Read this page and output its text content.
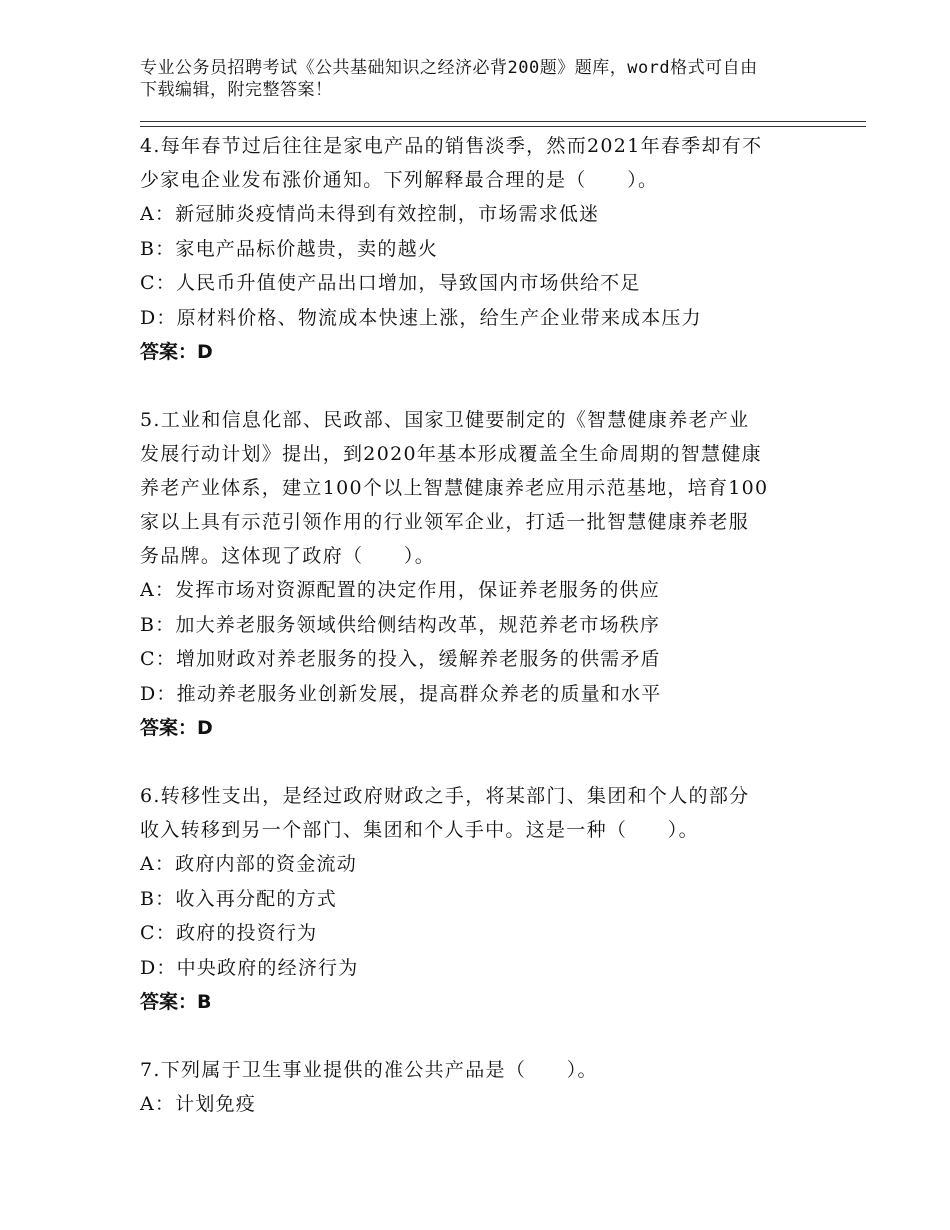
专业公务员招聘考试《公共基础知识之经济必背200题》题库，word格式可自由
下载编辑，附完整答案！

4.每年春节过后往往是家电产品的销售淡季，然而2021年春季却有不

少家电企业发布涨价通知。下列解释最合理的是（　　）。

A：新冠肺炎疫情尚未得到有效控制，市场需求低迷

B：家电产品标价越贵，卖的越火

C：人民币升值使产品出口增加，导致国内市场供给不足

D：原材料价格、物流成本快速上涨，给生产企业带来成本压力

答案：D

5.工业和信息化部、民政部、国家卫健要制定的《智慧健康养老产业

发展行动计划》提出，到2020年基本形成覆盖全生命周期的智慧健康

养老产业体系，建立100个以上智慧健康养老应用示范基地，培育100

家以上具有示范引领作用的行业领军企业，打适一批智慧健康养老服

务品牌。这体现了政府（　　）。

A：发挥市场对资源配置的决定作用，保证养老服务的供应

B：加大养老服务领域供给侧结构改革，规范养老市场秩序

C：增加财政对养老服务的投入，缓解养老服务的供需矛盾

D：推动养老服务业创新发展，提高群众养老的质量和水平

答案：D

6.转移性支出，是经过政府财政之手，将某部门、集团和个人的部分

收入转移到另一个部门、集团和个人手中。这是一种（　　）。

A：政府内部的资金流动

B：收入再分配的方式

C：政府的投资行为

D：中央政府的经济行为

答案：B

7.下列属于卫生事业提供的准公共产品是（　　）。

A：计划免疫
